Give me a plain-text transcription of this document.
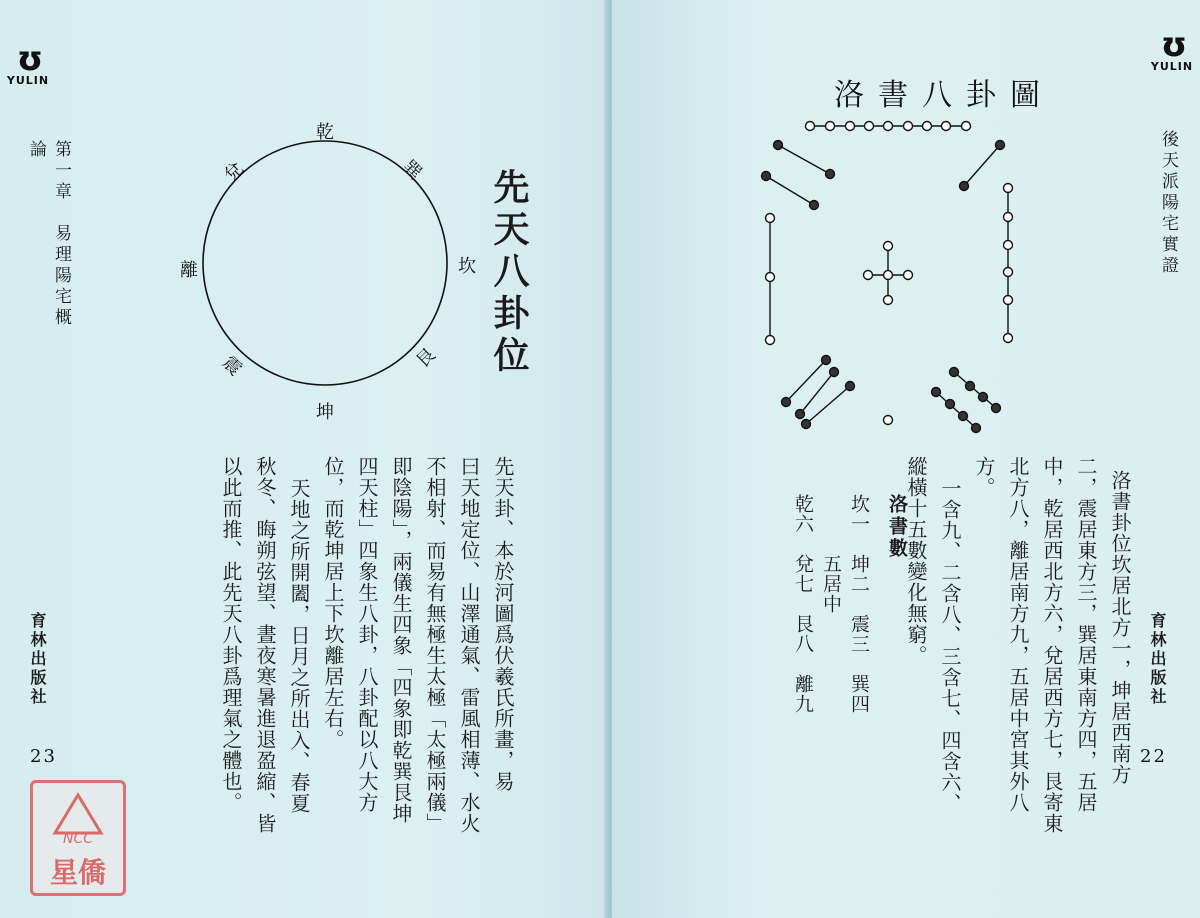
ʊ
YULIN
第一章　易理陽宅概論
育林出版社
23
乾
巽
坎
艮
坤
震
離
兌	先天八卦位
先天卦、本於河圖爲伏羲氏所畫，易
曰天地定位、山澤通氣、雷風相薄、水火
不相射、而易有無極生太極「太極兩儀」
即陰陽」，兩儀生四象「四象即乾巽艮坤
四天柱」四象生八卦，八卦配以八大方
位，而乾坤居上下坎離居左右。
天地之所開闔，日月之所出入、春夏
秋冬、晦朔弦望、晝夜寒暑進退盈縮、皆
以此而推、此先天八卦爲理氣之體也。

ʊ
YULIN
後天派陽宅實證
育林出版社
22
洛書八卦圖
洛書卦位坎居北方一，坤居西南方
二，震居東方三，巽居東南方四，五居
中，乾居西北方六，兌居西方七，艮寄東
北方八，離居南方九，五居中宮其外八
方。
一含九、二含八、三含七、四含六、
縱橫十五數變化無窮。
洛書數
坎一　坤二　震三　巽四
五居中
乾六　兌七　艮八　離九
NCC
星僑
